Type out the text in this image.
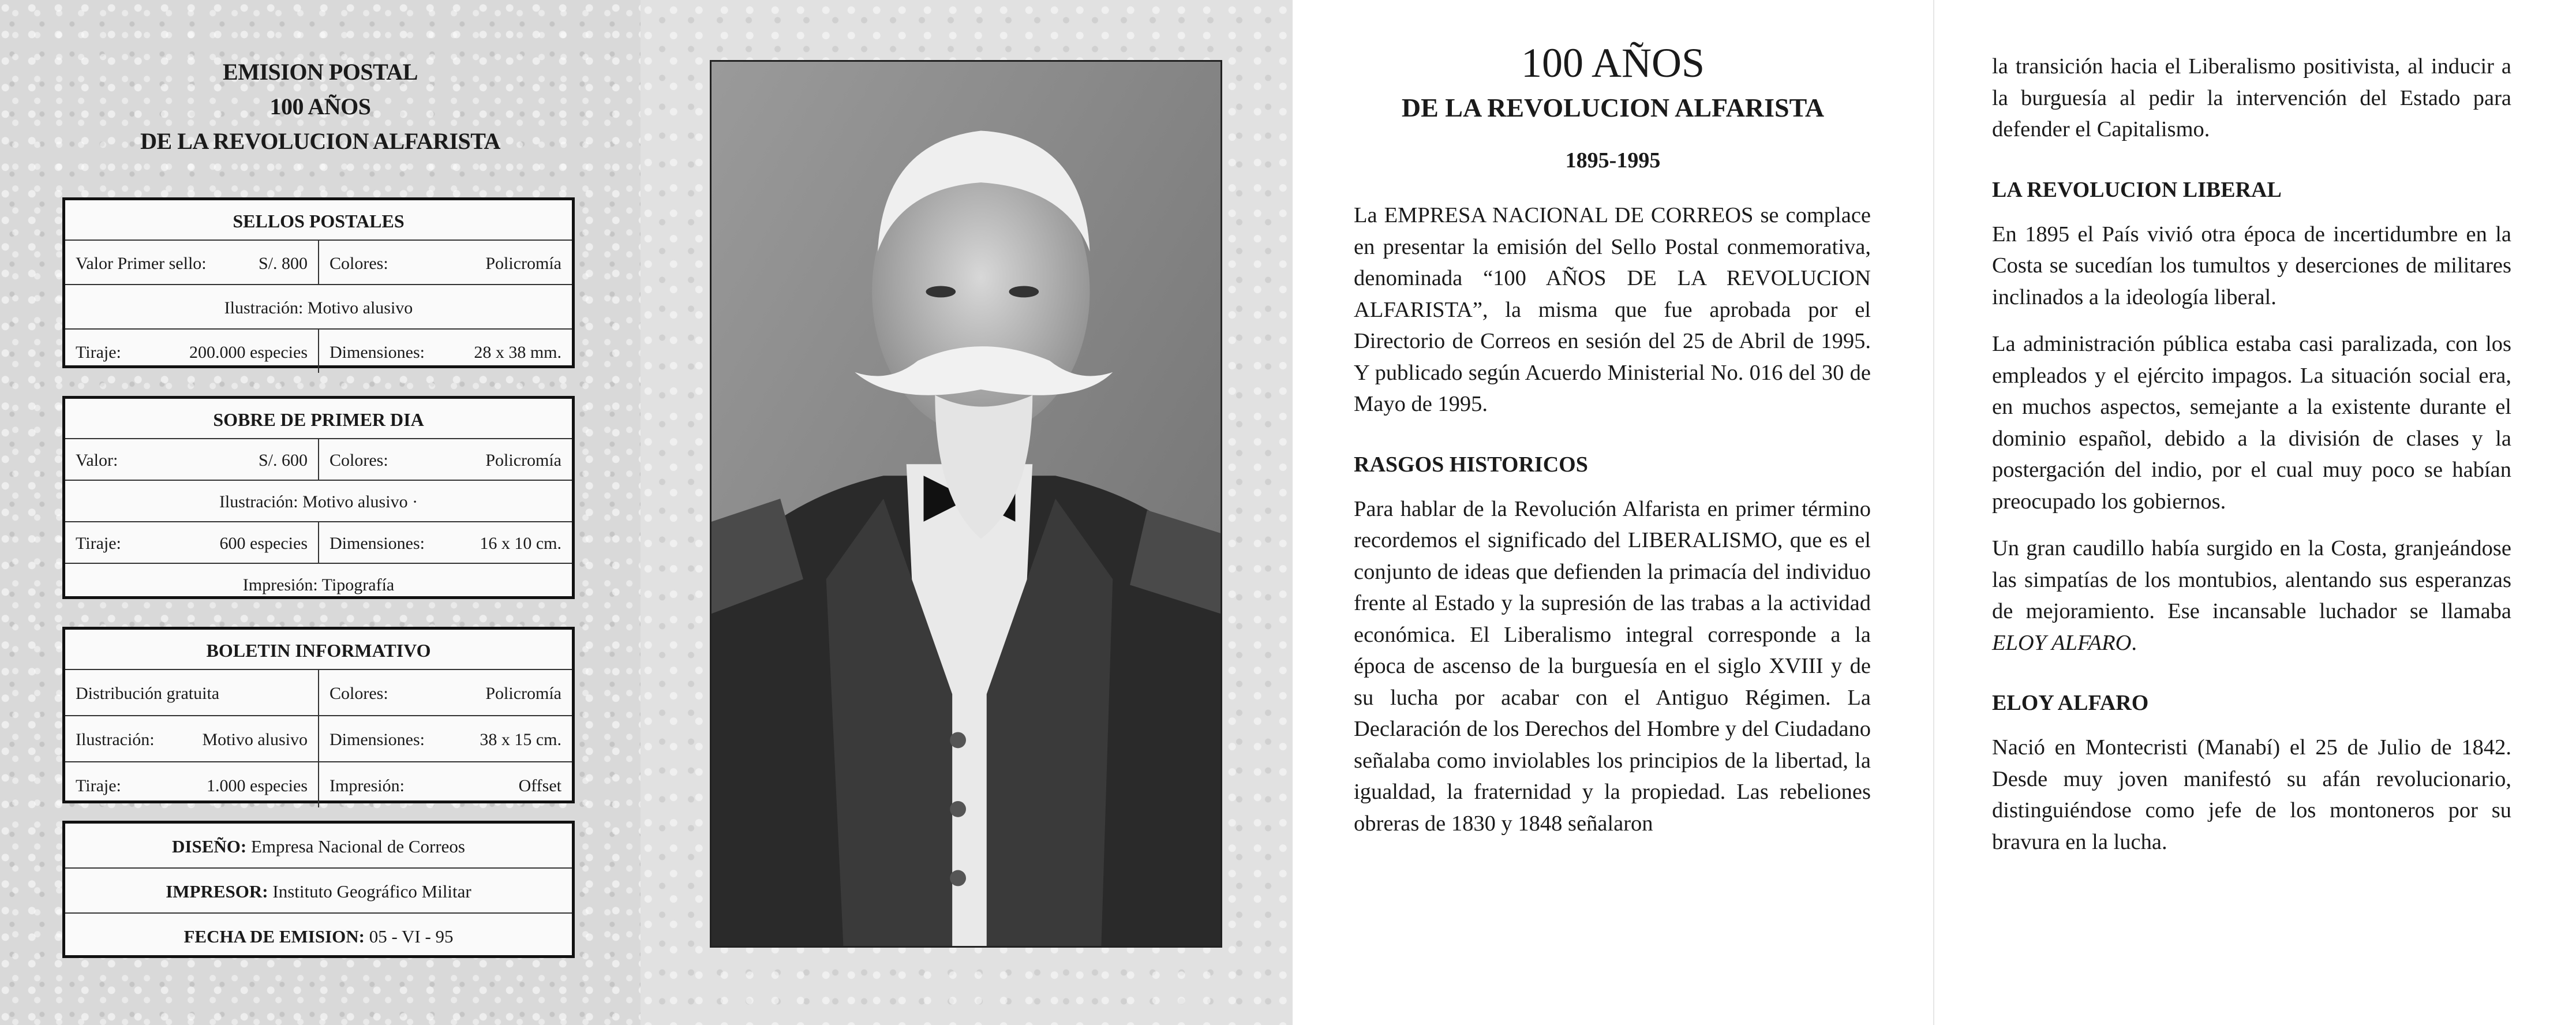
EMISION POSTAL
100 AÑOS
DE LA REVOLUCION ALFARISTA
SELLOS POSTALES
Valor Primer sello:	S/. 800 Colores:	Policromía
Ilustración: Motivo alusivo
Tiraje:	200.000 especies Dimensiones:	28 x 38 mm.
SOBRE DE PRIMER DIA
Valor:	S/. 600 Colores:	Policromía
Ilustración: Motivo alusivo ·
Tiraje:	600 especies Dimensiones:	16 x 10 cm.
Impresión: Tipografía
BOLETIN INFORMATIVO
Distribución gratuita	Colores:	Policromía
Ilustración:	Motivo alusivo Dimensiones:	38 x 15 cm.
Tiraje:	1.000 especies Impresión:	Offset
DISEÑO: Empresa Nacional de Correos
IMPRESOR: Instituto Geográfico Militar
FECHA DE EMISION: 05 - VI - 95
100 AÑOS
DE LA REVOLUCION ALFARISTA
1895-1995

La EMPRESA NACIONAL DE CORREOS se complace en presentar la emisión del Sello Postal conmemorativa, denominada “100 AÑOS DE LA REVOLUCION ALFARISTA”, la misma que fue aprobada por el Directorio de Correos en sesión del 25 de Abril de 1995. Y publicado según Acuerdo Ministerial No. 016 del 30 de Mayo de 1995.

RASGOS HISTORICOS

Para hablar de la Revolución Alfarista en primer término recordemos el significado del LIBERALISMO, que es el conjunto de ideas que defienden la primacía del individuo frente al Estado y la supresión de las trabas a la actividad económica. El Liberalismo integral corresponde a la época de ascenso de la burguesía en el siglo XVIII y de su lucha por acabar con el Antiguo Régimen. La Declaración de los Derechos del Hombre y del Ciudadano señalaba como inviolables los principios de la libertad, la igualdad, la fraternidad y la propiedad. Las rebeliones obreras de 1830 y 1848 señalaron

la transición hacia el Liberalismo positivista, al inducir a la burguesía al pedir la intervención del Estado para defender el Capitalismo.

LA REVOLUCION LIBERAL

En 1895 el País vivió otra época de incertidumbre en la Costa se sucedían los tumultos y deserciones de militares inclinados a la ideología liberal.

La administración pública estaba casi paralizada, con los empleados y el ejército impagos. La situación social era, en muchos aspectos, semejante a la existente durante el dominio español, debido a la división de clases y la postergación del indio, por el cual muy poco se habían preocupado los gobiernos.

Un gran caudillo había surgido en la Costa, granjeándose las simpatías de los montubios, alentando sus esperanzas de mejoramiento. Ese incansable luchador se llamaba ELOY ALFARO.

ELOY ALFARO

Nació en Montecristi (Manabí) el 25 de Julio de 1842. Desde muy joven manifestó su afán revolucionario, distinguiéndose como jefe de los montoneros por su bravura en la lucha.
